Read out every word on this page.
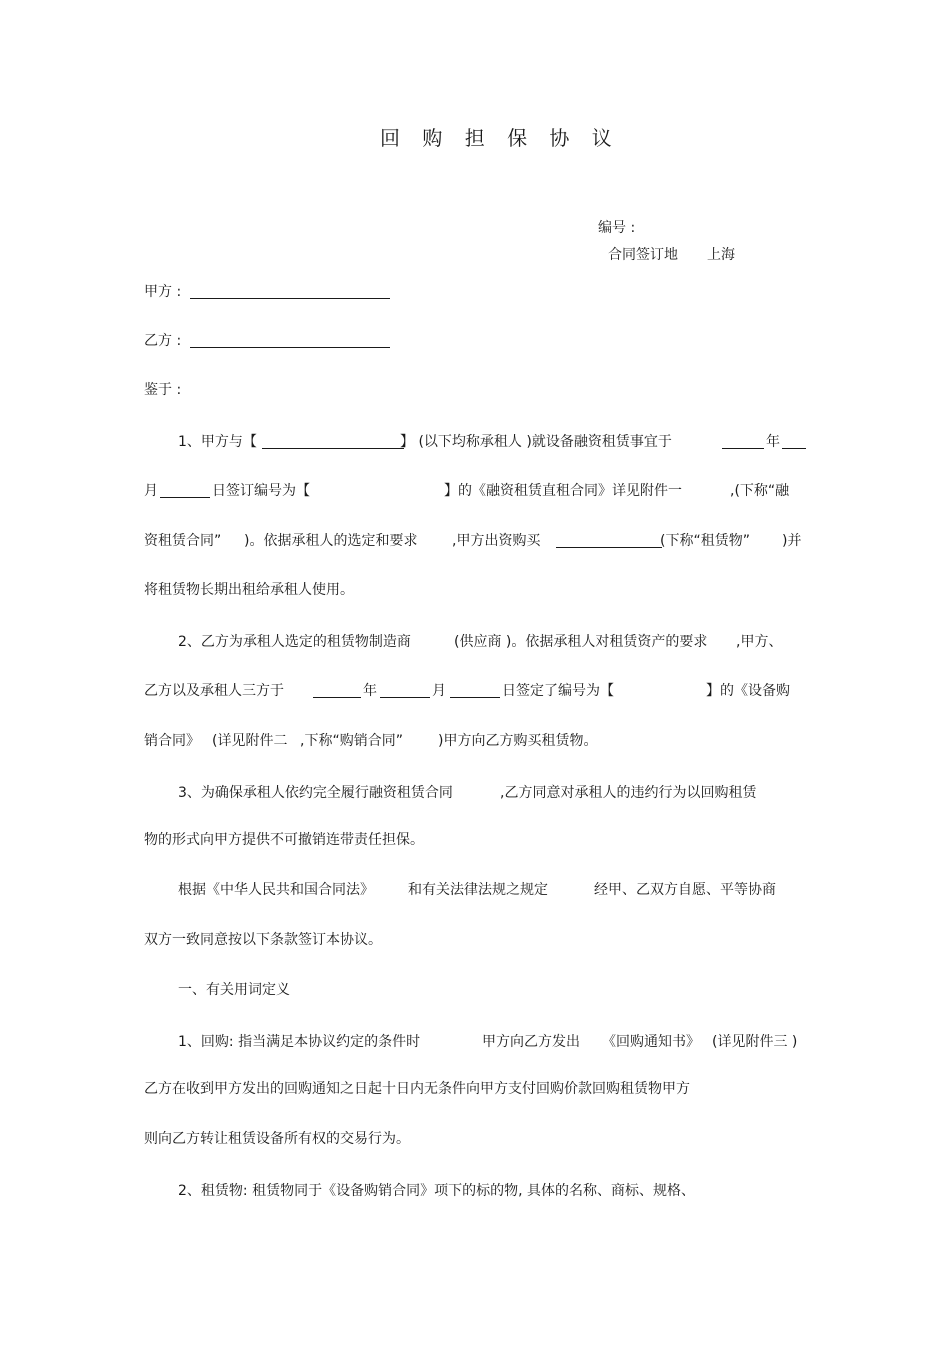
回 购 担 保 协 议
编号 :
合同签订地 上海
甲方 :
乙方 :
鉴于 :
1、甲方与【	】 (以下均称承租人 )就设备融资租赁事宜于	年
月	日签订编号为【	】的《融资租赁直租合同》详见附件一	,(下称“融
资租赁合同” )。依据承租人的选定和要求 ,甲方出资购买	(下称“租赁物” )并
将租赁物长期出租给承租人使用。
2、乙方为承租人选定的租赁物制造商	(供应商 )。依据承租人对租赁资产的要求 ,甲方、
乙方以及承租人三方于	年	月	日签定了编号为【	】的《设备购
销合同》 (详见附件二 ,下称“购销合同”	)甲方向乙方购买租赁物。
3、为确保承租人依约完全履行融资租赁合同	,乙方同意对承租人的违约行为以回购租赁
物的形式向甲方提供不可撤销连带责任担保。
根据《中华人民共和国合同法》 和有关法律法规之规定	经甲、乙双方自愿、平等协商
双方一致同意按以下条款签订本协议。
一、有关用词定义
1、回购: 指当满足本协议约定的条件时	甲方向乙方发出 《回购通知书》 (详见附件三 )
乙方在收到甲方发出的回购通知之日起十日内无条件向甲方支付回购价款回购租赁物甲方
则向乙方转让租赁设备所有权的交易行为。
2、租赁物: 租赁物同于《设备购销合同》项下的标的物, 具体的名称、商标、规格、
